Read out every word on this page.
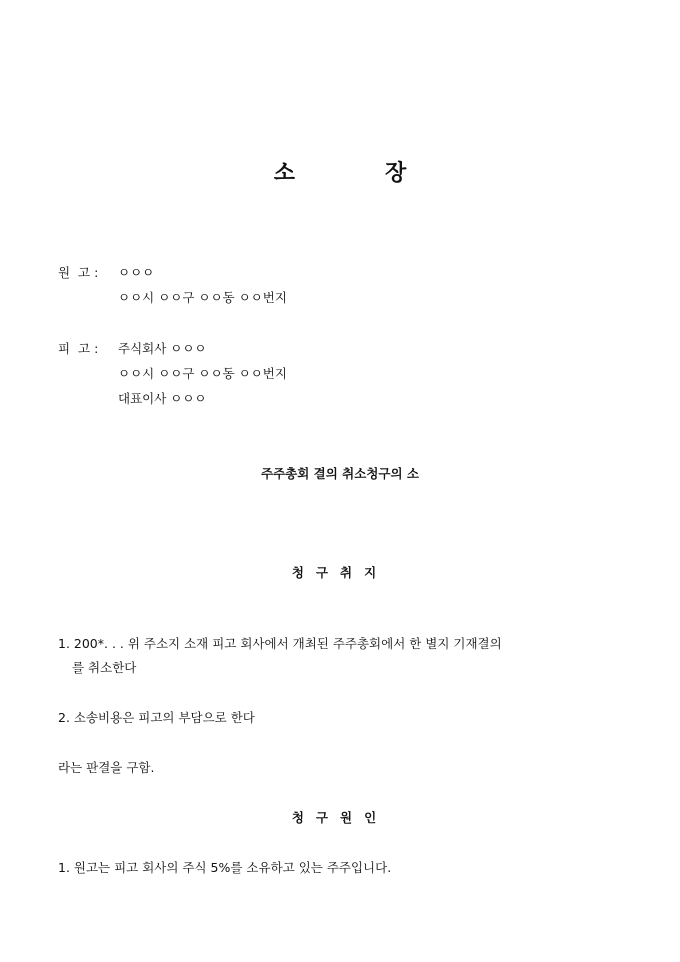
소	장
원  고 :	ㅇㅇㅇ
ㅇㅇ시 ㅇㅇ구 ㅇㅇ동 ㅇㅇ번지
피  고 :	주식회사 ㅇㅇㅇ
ㅇㅇ시 ㅇㅇ구 ㅇㅇ동 ㅇㅇ번지
대표이사 ㅇㅇㅇ
주주총회 결의 취소청구의 소
청구취지
1. 200*. . . 위 주소지 소재 피고 회사에서 개최된 주주총회에서 한 별지 기재결의
를 취소한다
2. 소송비용은 피고의 부담으로 한다
라는 판결을 구함.
청구원인
1. 원고는 피고 회사의 주식 5%를 소유하고 있는 주주입니다.
